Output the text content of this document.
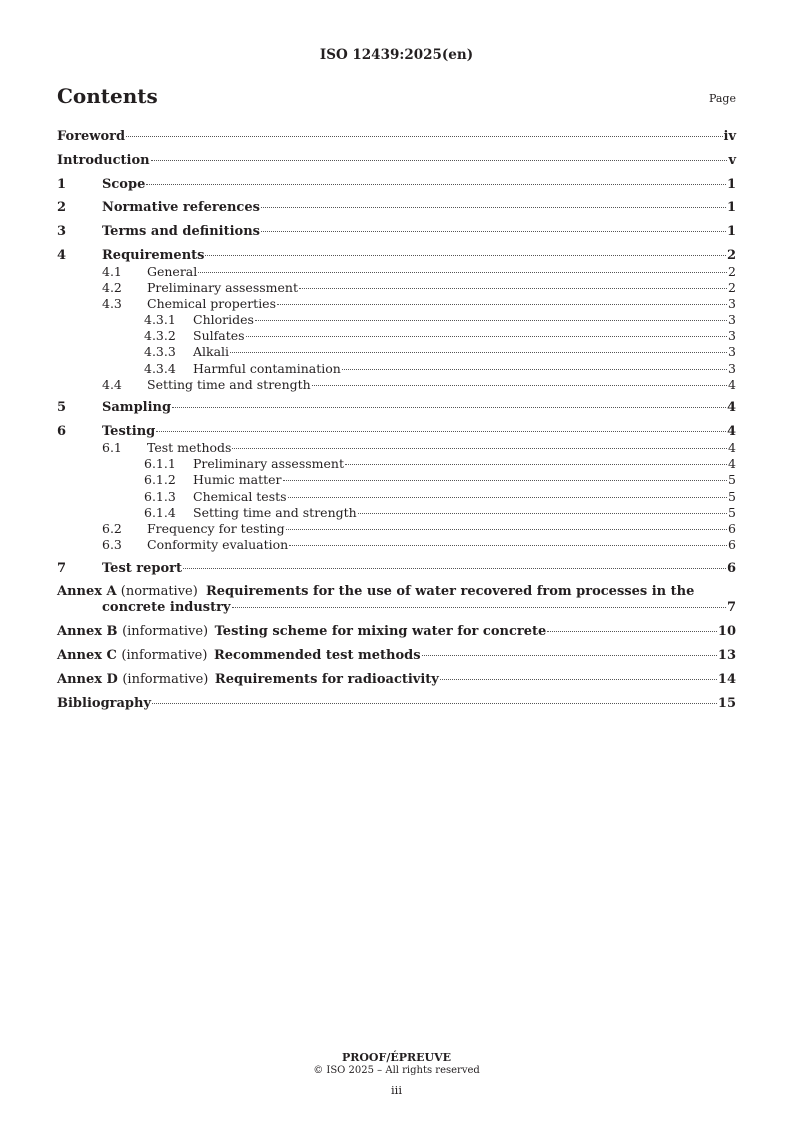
ISO 12439:2025(en)
Contents	Page
Foreword	iv
Introduction	v
1	Scope	1
2	Normative references	1
3	Terms and definitions	1
4	Requirements	2
4.1	General	2
4.2	Preliminary assessment	2
4.3	Chemical properties	3
4.3.1	Chlorides	3
4.3.2	Sulfates	3
4.3.3	Alkali	3
4.3.4	Harmful contamination	3
4.4	Setting time and strength	4
5	Sampling	4
6	Testing	4
6.1	Test methods	4
6.1.1	Preliminary assessment	4
6.1.2	Humic matter	5
6.1.3	Chemical tests	5
6.1.4	Setting time and strength	5
6.2	Frequency for testing	6
6.3	Conformity evaluation	6
7	Test report	6
Annex A (normative) Requirements for the use of water recovered from processes in the
concrete industry	7
Annex B (informative) Testing scheme for mixing water for concrete	10
Annex C (informative) Recommended test methods	13
Annex D (informative) Requirements for radioactivity	14
Bibliography	15
PROOF/ÉPREUVE
© ISO 2025 – All rights reserved
iii
